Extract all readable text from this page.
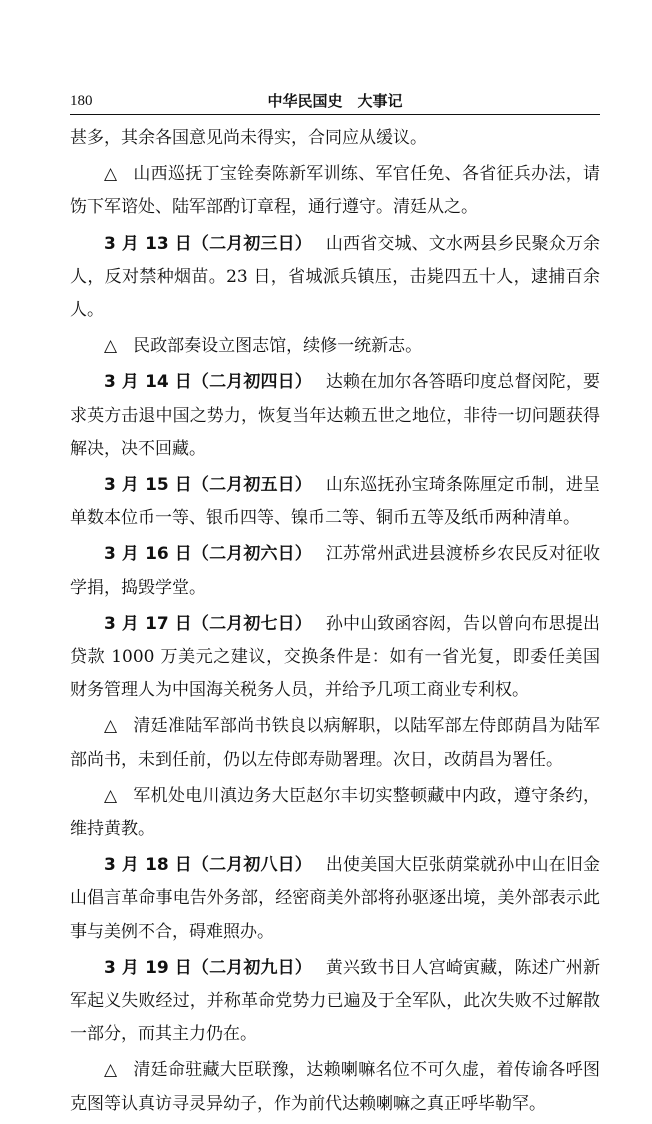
180	中华民国史　大事记

甚多，其余各国意见尚未得实，合同应从缓议。

△ 山西巡抚丁宝铨奏陈新军训练、军官任免、各省征兵办法，请饬下军谘处、陆军部酌订章程，通行遵守。清廷从之。

3 月 13 日（二月初三日） 山西省交城、文水两县乡民聚众万余人，反对禁种烟苗。23 日，省城派兵镇压，击毙四五十人，逮捕百余人。

△ 民政部奏设立图志馆，续修一统新志。

3 月 14 日（二月初四日） 达赖在加尔各答晤印度总督闵陀，要求英方击退中国之势力，恢复当年达赖五世之地位，非待一切问题获得解决，决不回藏。

3 月 15 日（二月初五日） 山东巡抚孙宝琦条陈厘定币制，进呈单数本位币一等、银币四等、镍币二等、铜币五等及纸币两种清单。

3 月 16 日（二月初六日） 江苏常州武进县渡桥乡农民反对征收学捐，捣毁学堂。

3 月 17 日（二月初七日） 孙中山致函容闳，告以曾向布思提出贷款 1000 万美元之建议，交换条件是：如有一省光复，即委任美国财务管理人为中国海关税务人员，并给予几项工商业专利权。

△ 清廷准陆军部尚书铁良以病解职，以陆军部左侍郎荫昌为陆军部尚书，未到任前，仍以左侍郎寿勋署理。次日，改荫昌为署任。

△ 军机处电川滇边务大臣赵尔丰切实整顿藏中内政，遵守条约，维持黄教。

3 月 18 日（二月初八日） 出使美国大臣张荫棠就孙中山在旧金山倡言革命事电告外务部，经密商美外部将孙驱逐出境，美外部表示此事与美例不合，碍难照办。

3 月 19 日（二月初九日） 黄兴致书日人宫崎寅藏，陈述广州新军起义失败经过，并称革命党势力已遍及于全军队，此次失败不过解散一部分，而其主力仍在。

△ 清廷命驻藏大臣联豫，达赖喇嘛名位不可久虚，着传谕各呼图克图等认真访寻灵异幼子，作为前代达赖喇嘛之真正呼毕勒罕。
